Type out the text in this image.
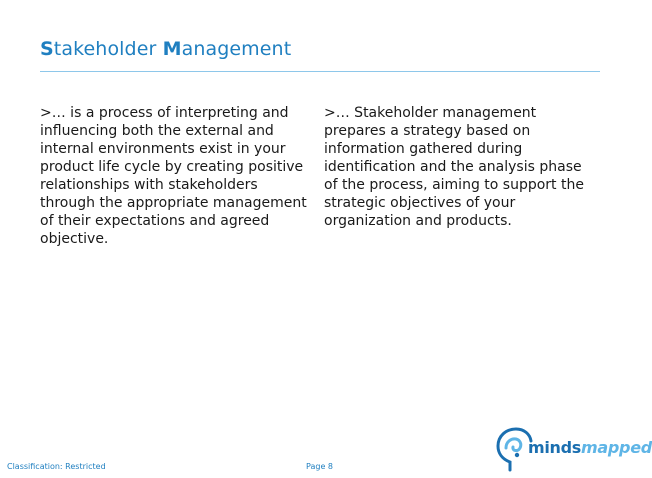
Stakeholder Management

>… is a process of interpreting and
influencing both the external and
internal environments exist in your
product life cycle by creating positive
relationships with stakeholders
through the appropriate management
of their expectations and agreed
objective.

>… Stakeholder management
prepares a strategy based on
information gathered during
identification and the analysis phase
of the process, aiming to support the
strategic objectives of your
organization and products.

Classification: Restricted	Page 8
mindsmapped
